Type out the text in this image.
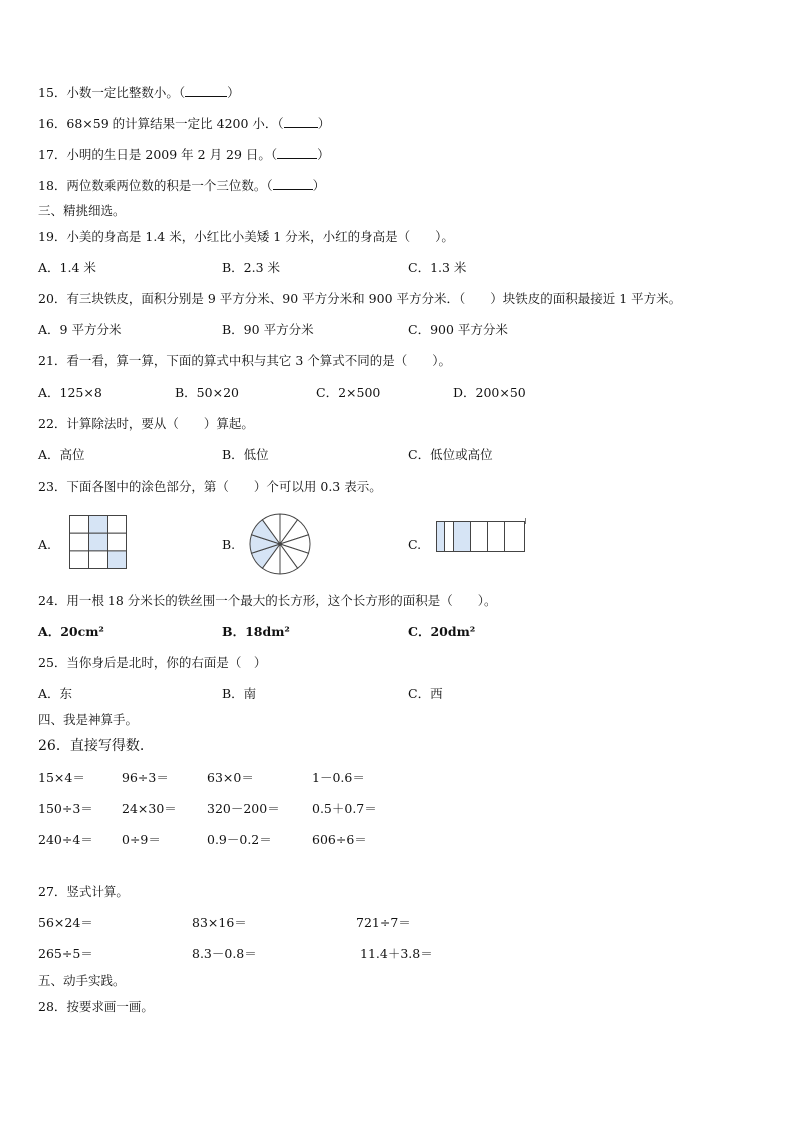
15．小数一定比整数小。（	）
16．68×59 的计算结果一定比 4200 小．（	）
17．小明的生日是 2009 年 2 月 29 日。（	）
18．两位数乘两位数的积是一个三位数。（	）
三、精挑细选。
19．小美的身高是 1.4 米，小红比小美矮 1 分米，小红的身高是（　　）。
A．1.4 米	B．2.3 米	C．1.3 米
20．有三块铁皮，面积分别是 9 平方分米、90 平方分米和 900 平方分米．（　　）块铁皮的面积最接近 1 平方米。
A．9 平方分米	B．90 平方分米	C．900 平方分米
21．看一看，算一算，下面的算式中积与其它 3 个算式不同的是（　　）。
A．125×8	B．50×20	C．2×500	D．200×50
22．计算除法时，要从（　　）算起。
A．高位	B．低位	C．低位或高位
23．下面各图中的涂色部分，第（　　）个可以用 0.3 表示。
A.	B.	C.
24．用一根 18 分米长的铁丝围一个最大的长方形，这个长方形的面积是（　　）。
A．20cm²	B．18dm²	C．20dm²
25．当你身后是北时，你的右面是（　）
A．东	B．南	C．西
四、我是神算手。
26．直接写得数.
15×4＝	96÷3＝	63×0＝	1－0.6＝
150÷3＝ 24×30＝ 320－200＝	0.5＋0.7＝
240÷4＝ 0÷9＝	0.9－0.2＝	606÷6＝
27．竖式计算。
56×24＝	83×16＝	721÷7＝
265÷5＝	8.3－0.8＝	11.4＋3.8＝
五、动手实践。
28．按要求画一画。
